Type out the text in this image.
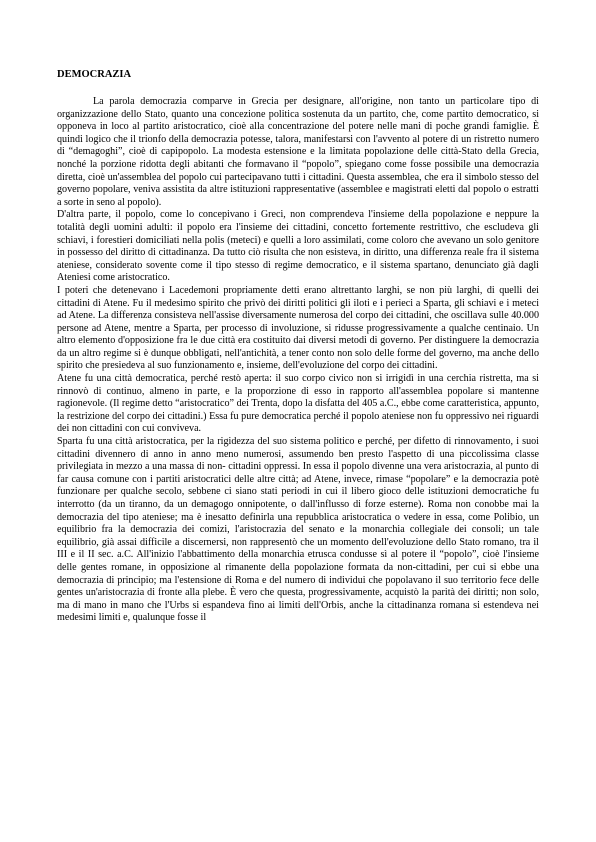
DEMOCRAZIA

La parola democrazia comparve in Grecia per designare, all'origine, non tanto un particolare tipo di organizzazione dello Stato, quanto una concezione politica sostenuta da un partito, che, come partito democratico, si opponeva in loco al partito aristocratico, cioè alla concentrazione del potere nelle mani di poche grandi famiglie. È quindi logico che il trionfo della democrazia potesse, talora, manifestarsi con l'avvento al potere di un ristretto numero di “demagoghi”, cioè di capipopolo. La modesta estensione e la limitata popolazione delle città-Stato della Grecia, nonché la porzione ridotta degli abitanti che formavano il “popolo”, spiegano come fosse possibile una democrazia diretta, cioè un'assemblea del popolo cui partecipavano tutti i cittadini. Questa assemblea, che era il simbolo stesso del governo popolare, veniva assistita da altre istituzioni rappresentative (assemblee e magistrati eletti dal popolo o estratti a sorte in seno al popolo).

D'altra parte, il popolo, come lo concepivano i Greci, non comprendeva l'insieme della popolazione e neppure la totalità degli uomini adulti: il popolo era l'insieme dei cittadini, concetto fortemente restrittivo, che escludeva gli schiavi, i forestieri domiciliati nella polis (meteci) e quelli a loro assimilati, come coloro che avevano un solo genitore in possesso del diritto di cittadinanza. Da tutto ciò risulta che non esisteva, in diritto, una differenza reale fra il sistema ateniese, considerato sovente come il tipo stesso di regime democratico, e il sistema spartano, denunciato già dagli Ateniesi come aristocratico.

I poteri che detenevano i Lacedemoni propriamente detti erano altrettanto larghi, se non più larghi, di quelli dei cittadini di Atene. Fu il medesimo spirito che privò dei diritti politici gli iloti e i perieci a Sparta, gli schiavi e i meteci ad Atene. La differenza consisteva nell'assise diversamente numerosa del corpo dei cittadini, che oscillava sulle 40.000 persone ad Atene, mentre a Sparta, per processo di involuzione, si ridusse progressivamente a qualche centinaio. Un altro elemento d'opposizione fra le due città era costituito dai diversi metodi di governo. Per distinguere la democrazia da un altro regime si è dunque obbligati, nell'antichità, a tener conto non solo delle forme del governo, ma anche dello spirito che presiedeva al suo funzionamento e, insieme, dell'evoluzione del corpo dei cittadini.

Atene fu una città democratica, perché restò aperta: il suo corpo civico non si irrigidì in una cerchia ristretta, ma si rinnovò di continuo, almeno in parte, e la proporzione di esso in rapporto all'assemblea popolare si mantenne ragionevole. (Il regime detto “aristocratico” dei Trenta, dopo la disfatta del 405 a.C., ebbe come caratteristica, appunto, la restrizione del corpo dei cittadini.) Essa fu pure democratica perché il popolo ateniese non fu oppressivo nei riguardi dei non cittadini con cui conviveva.

Sparta fu una città aristocratica, per la rigidezza del suo sistema politico e perché, per difetto di rinnovamento, i suoi cittadini divennero di anno in anno meno numerosi, assumendo ben presto l'aspetto di una piccolissima classe privilegiata in mezzo a una massa di non- cittadini oppressi. In essa il popolo divenne una vera aristocrazia, al punto di far causa comune con i partiti aristocratici delle altre città; ad Atene, invece, rimase “popolare” e la democrazia potè funzionare per qualche secolo, sebbene ci siano stati periodi in cui il libero gioco delle istituzioni democratiche fu interrotto (da un tiranno, da un demagogo onnipotente, o dall'influsso di forze esterne). Roma non conobbe mai la democrazia del tipo ateniese; ma è inesatto definirla una repubblica aristocratica o vedere in essa, come Polibio, un equilibrio fra la democrazia dei comizi, l'aristocrazia del senato e la monarchia collegiale dei consoli; un tale equilibrio, già assai difficile a discernersi, non rappresentò che un momento dell'evoluzione dello Stato romano, tra il III e il II sec. a.C. All'inizio l'abbattimento della monarchia etrusca condusse sì al potere il “popolo”, cioè l'insieme delle gentes romane, in opposizione al rimanente della popolazione formata da non-cittadini, per cui si ebbe una democrazia di principio; ma l'estensione di Roma e del numero di individui che popolavano il suo territorio fece delle gentes un'aristocrazia di fronte alla plebe. È vero che questa, progressivamente, acquistò la parità dei diritti; non solo, ma di mano in mano che l'Urbs si espandeva fino ai limiti dell'Orbis, anche la cittadinanza romana si estendeva nei medesimi limiti e, qualunque fosse il
